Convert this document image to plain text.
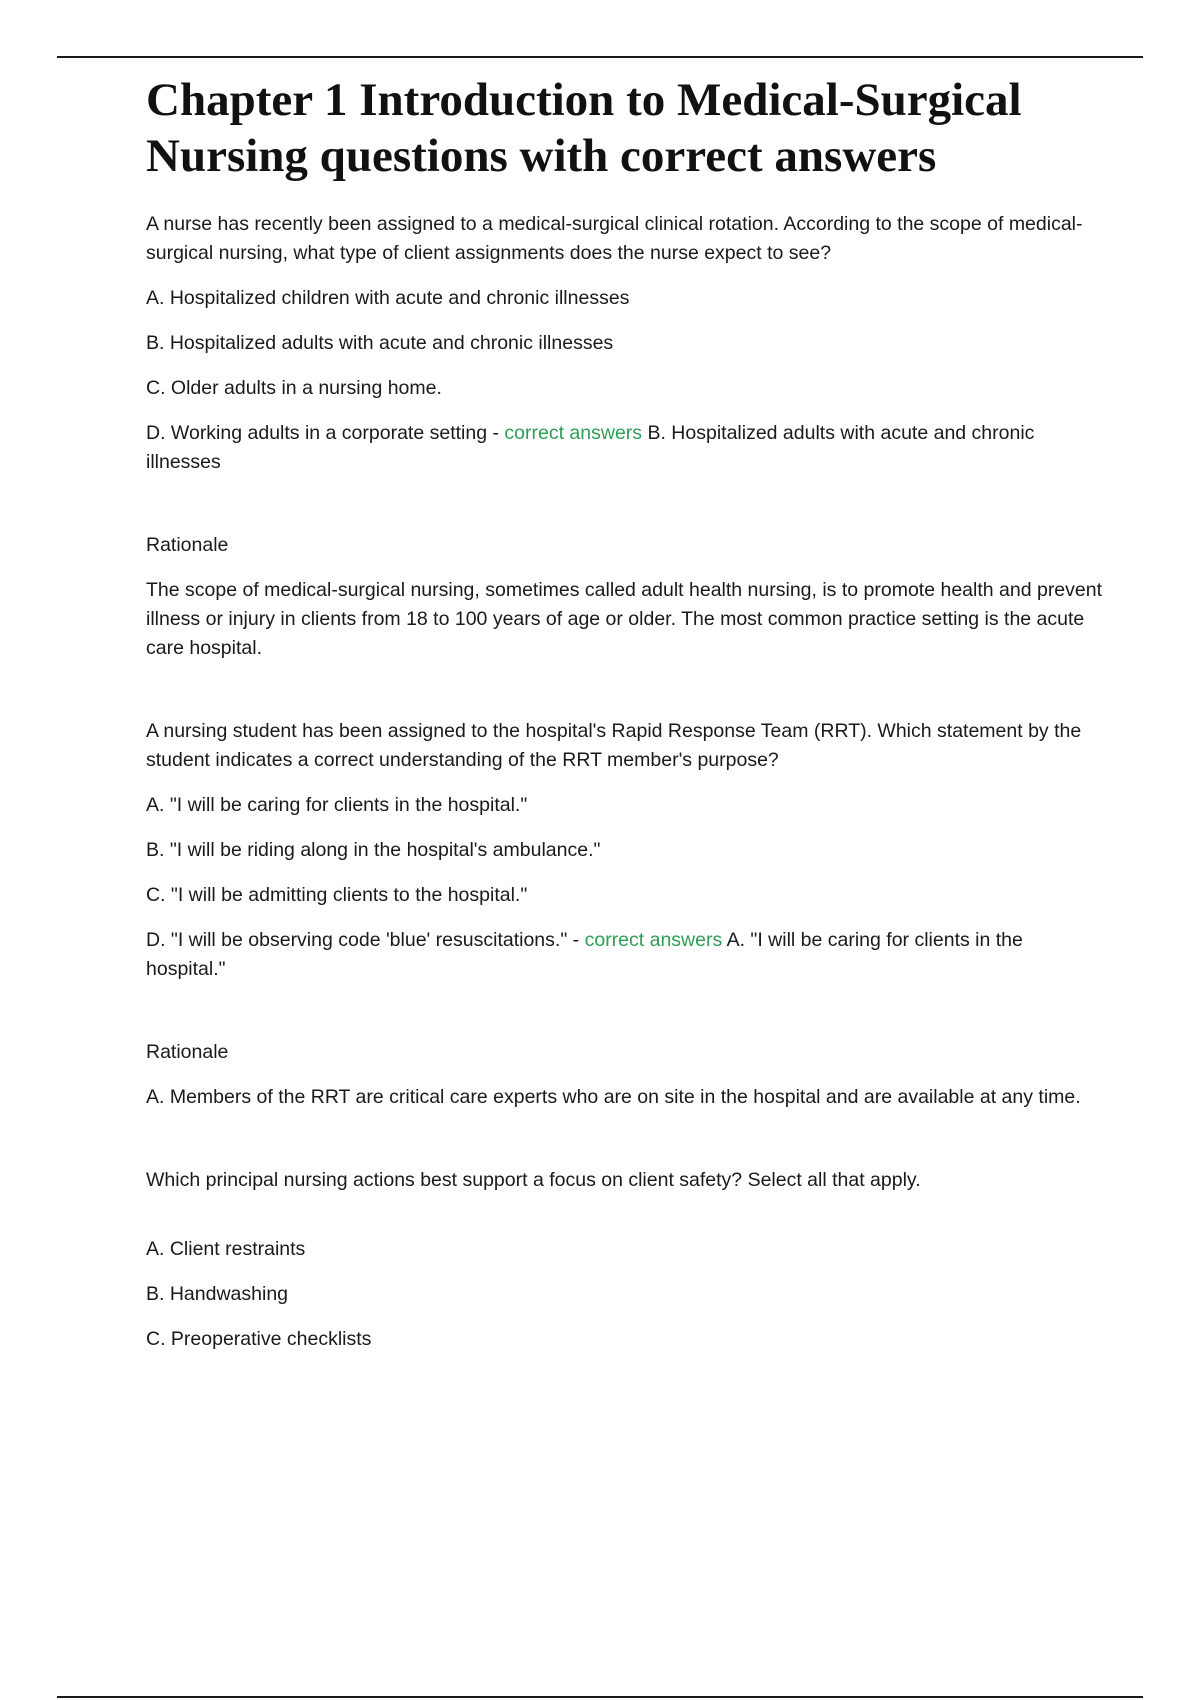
Chapter 1 Introduction to Medical-Surgical Nursing questions with correct answers

A nurse has recently been assigned to a medical-surgical clinical rotation. According to the scope of medical-surgical nursing, what type of client assignments does the nurse expect to see?

A. Hospitalized children with acute and chronic illnesses

B. Hospitalized adults with acute and chronic illnesses

C. Older adults in a nursing home.

D. Working adults in a corporate setting - correct answers B. Hospitalized adults with acute and chronic illnesses

Rationale

The scope of medical-surgical nursing, sometimes called adult health nursing, is to promote health and prevent illness or injury in clients from 18 to 100 years of age or older. The most common practice setting is the acute care hospital.

A nursing student has been assigned to the hospital's Rapid Response Team (RRT). Which statement by the student indicates a correct understanding of the RRT member's purpose?

A. "I will be caring for clients in the hospital."

B. "I will be riding along in the hospital's ambulance."

C. "I will be admitting clients to the hospital."

D. "I will be observing code 'blue' resuscitations." - correct answers A. "I will be caring for clients in the hospital."

Rationale

A. Members of the RRT are critical care experts who are on site in the hospital and are available at any time.

Which principal nursing actions best support a focus on client safety? Select all that apply.

A. Client restraints

B. Handwashing

C. Preoperative checklists
